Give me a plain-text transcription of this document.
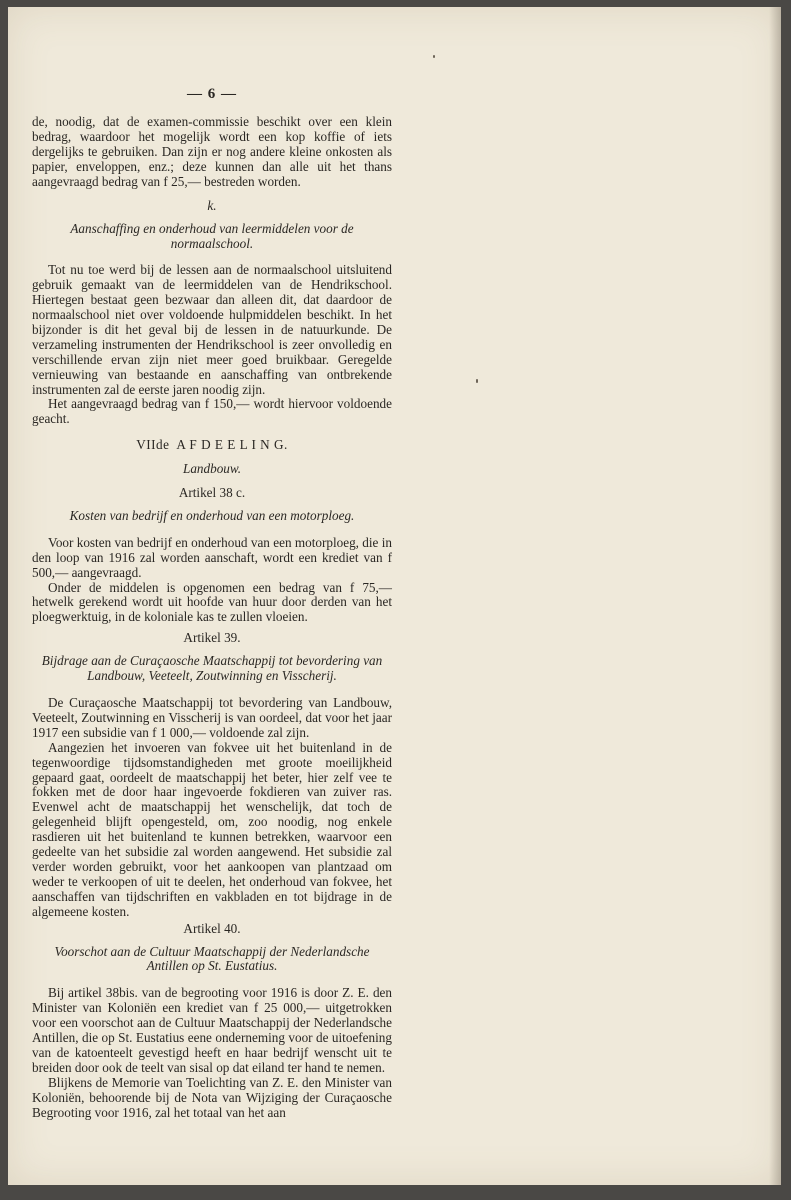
— 6 —

de, noodig, dat de examen-commissie beschikt over een klein bedrag, waardoor het mogelijk wordt een kop koffie of iets dergelijks te gebruiken. Dan zijn er nog andere kleine onkosten als papier, enveloppen, enz.; deze kunnen dan alle uit het thans aangevraagd bedrag van f 25,— bestreden worden.

k.
Aanschaffing en onderhoud van leermiddelen voor de normaalschool.

Tot nu toe werd bij de lessen aan de normaalschool uitsluitend gebruik gemaakt van de leermiddelen van de Hendrikschool. Hiertegen bestaat geen bezwaar dan alleen dit, dat daardoor de normaalschool niet over voldoende hulpmiddelen beschikt. In het bijzonder is dit het geval bij de lessen in de natuurkunde. De verzameling instrumenten der Hendrikschool is zeer onvolledig en verschillende ervan zijn niet meer goed bruikbaar. Geregelde vernieuwing van bestaande en aanschaffing van ontbrekende instrumenten zal de eerste jaren noodig zijn.

Het aangevraagd bedrag van f 150,— wordt hiervoor voldoende geacht.

VIIde A F D E E L I N G.
Landbouw.
Artikel 38 c.
Kosten van bedrijf en onderhoud van een motorploeg.

Voor kosten van bedrijf en onderhoud van een motorploeg, die in den loop van 1916 zal worden aanschaft, wordt een krediet van f 500,— aangevraagd.

Onder de middelen is opgenomen een bedrag van f 75,— hetwelk gerekend wordt uit hoofde van huur door derden van het ploegwerktuig, in de koloniale kas te zullen vloeien.

Artikel 39.
Bijdrage aan de Curaçaosche Maatschappij tot bevordering van
Landbouw, Veeteelt, Zoutwinning en Visscherij.

De Curaçaosche Maatschappij tot bevordering van Landbouw, Veeteelt, Zoutwinning en Visscherij is van oordeel, dat voor het jaar 1917 een subsidie van f 1 000,— voldoende zal zijn.

Aangezien het invoeren van fokvee uit het buitenland in de tegenwoordige tijdsomstandigheden met groote moeilijkheid gepaard gaat, oordeelt de maatschappij het beter, hier zelf vee te fokken met de door haar ingevoerde fokdieren van zuiver ras. Evenwel acht de maatschappij het wenschelijk, dat toch de gelegenheid blijft opengesteld, om, zoo noodig, nog enkele rasdieren uit het buitenland te kunnen betrekken, waarvoor een gedeelte van het subsidie zal worden aangewend. Het subsidie zal verder worden gebruikt, voor het aankoopen van plantzaad om weder te verkoopen of uit te deelen, het onderhoud van fokvee, het aanschaffen van tijdschriften en vakbladen en tot bijdrage in de algemeene kosten.

Artikel 40.
Voorschot aan de Cultuur Maatschappij der Nederlandsche
Antillen op St. Eustatius.

Bij artikel 38bis. van de begrooting voor 1916 is door Z. E. den Minister van Koloniën een krediet van f 25 000,— uitgetrokken voor een voorschot aan de Cultuur Maatschappij der Nederlandsche Antillen, die op St. Eustatius eene onderneming voor de uitoefening van de katoenteelt gevestigd heeft en haar bedrijf wenscht uit te breiden door ook de teelt van sisal op dat eiland ter hand te nemen.

Blijkens de Memorie van Toelichting van Z. E. den Minister van Koloniën, behoorende bij de Nota van Wijziging der Curaçaosche Begrooting voor 1916, zal het totaal van het aan
